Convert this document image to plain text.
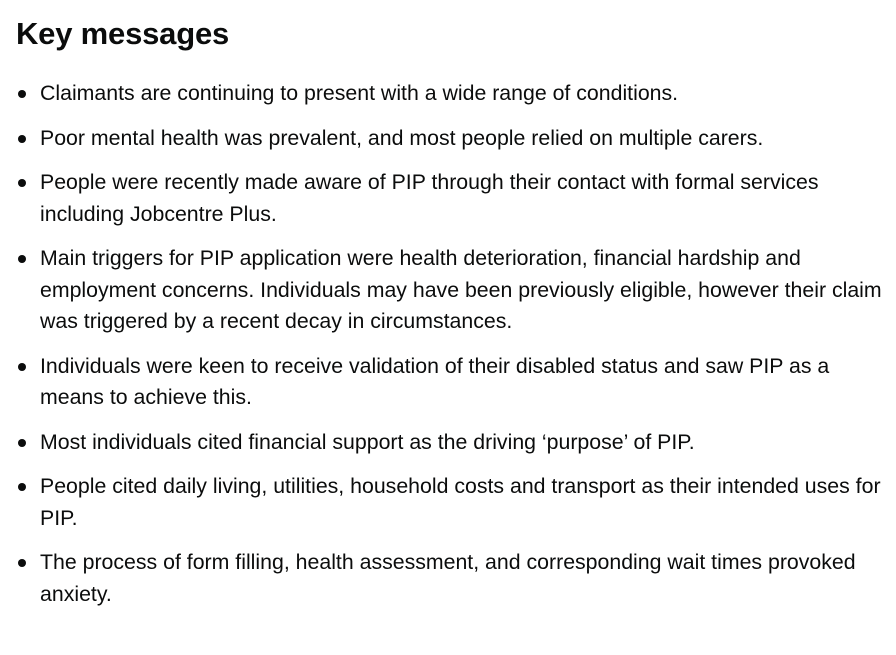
Key messages
Claimants are continuing to present with a wide range of conditions.
Poor mental health was prevalent, and most people relied on multiple carers.
People were recently made aware of PIP through their contact with formal services including Jobcentre Plus.
Main triggers for PIP application were health deterioration, financial hardship and employment concerns. Individuals may have been previously eligible, however their claim was triggered by a recent decay in circumstances.
Individuals were keen to receive validation of their disabled status and saw PIP as a means to achieve this.
Most individuals cited financial support as the driving ‘purpose’ of PIP.
People cited daily living, utilities, household costs and transport as their intended uses for PIP.
The process of form filling, health assessment, and corresponding wait times provoked anxiety.
